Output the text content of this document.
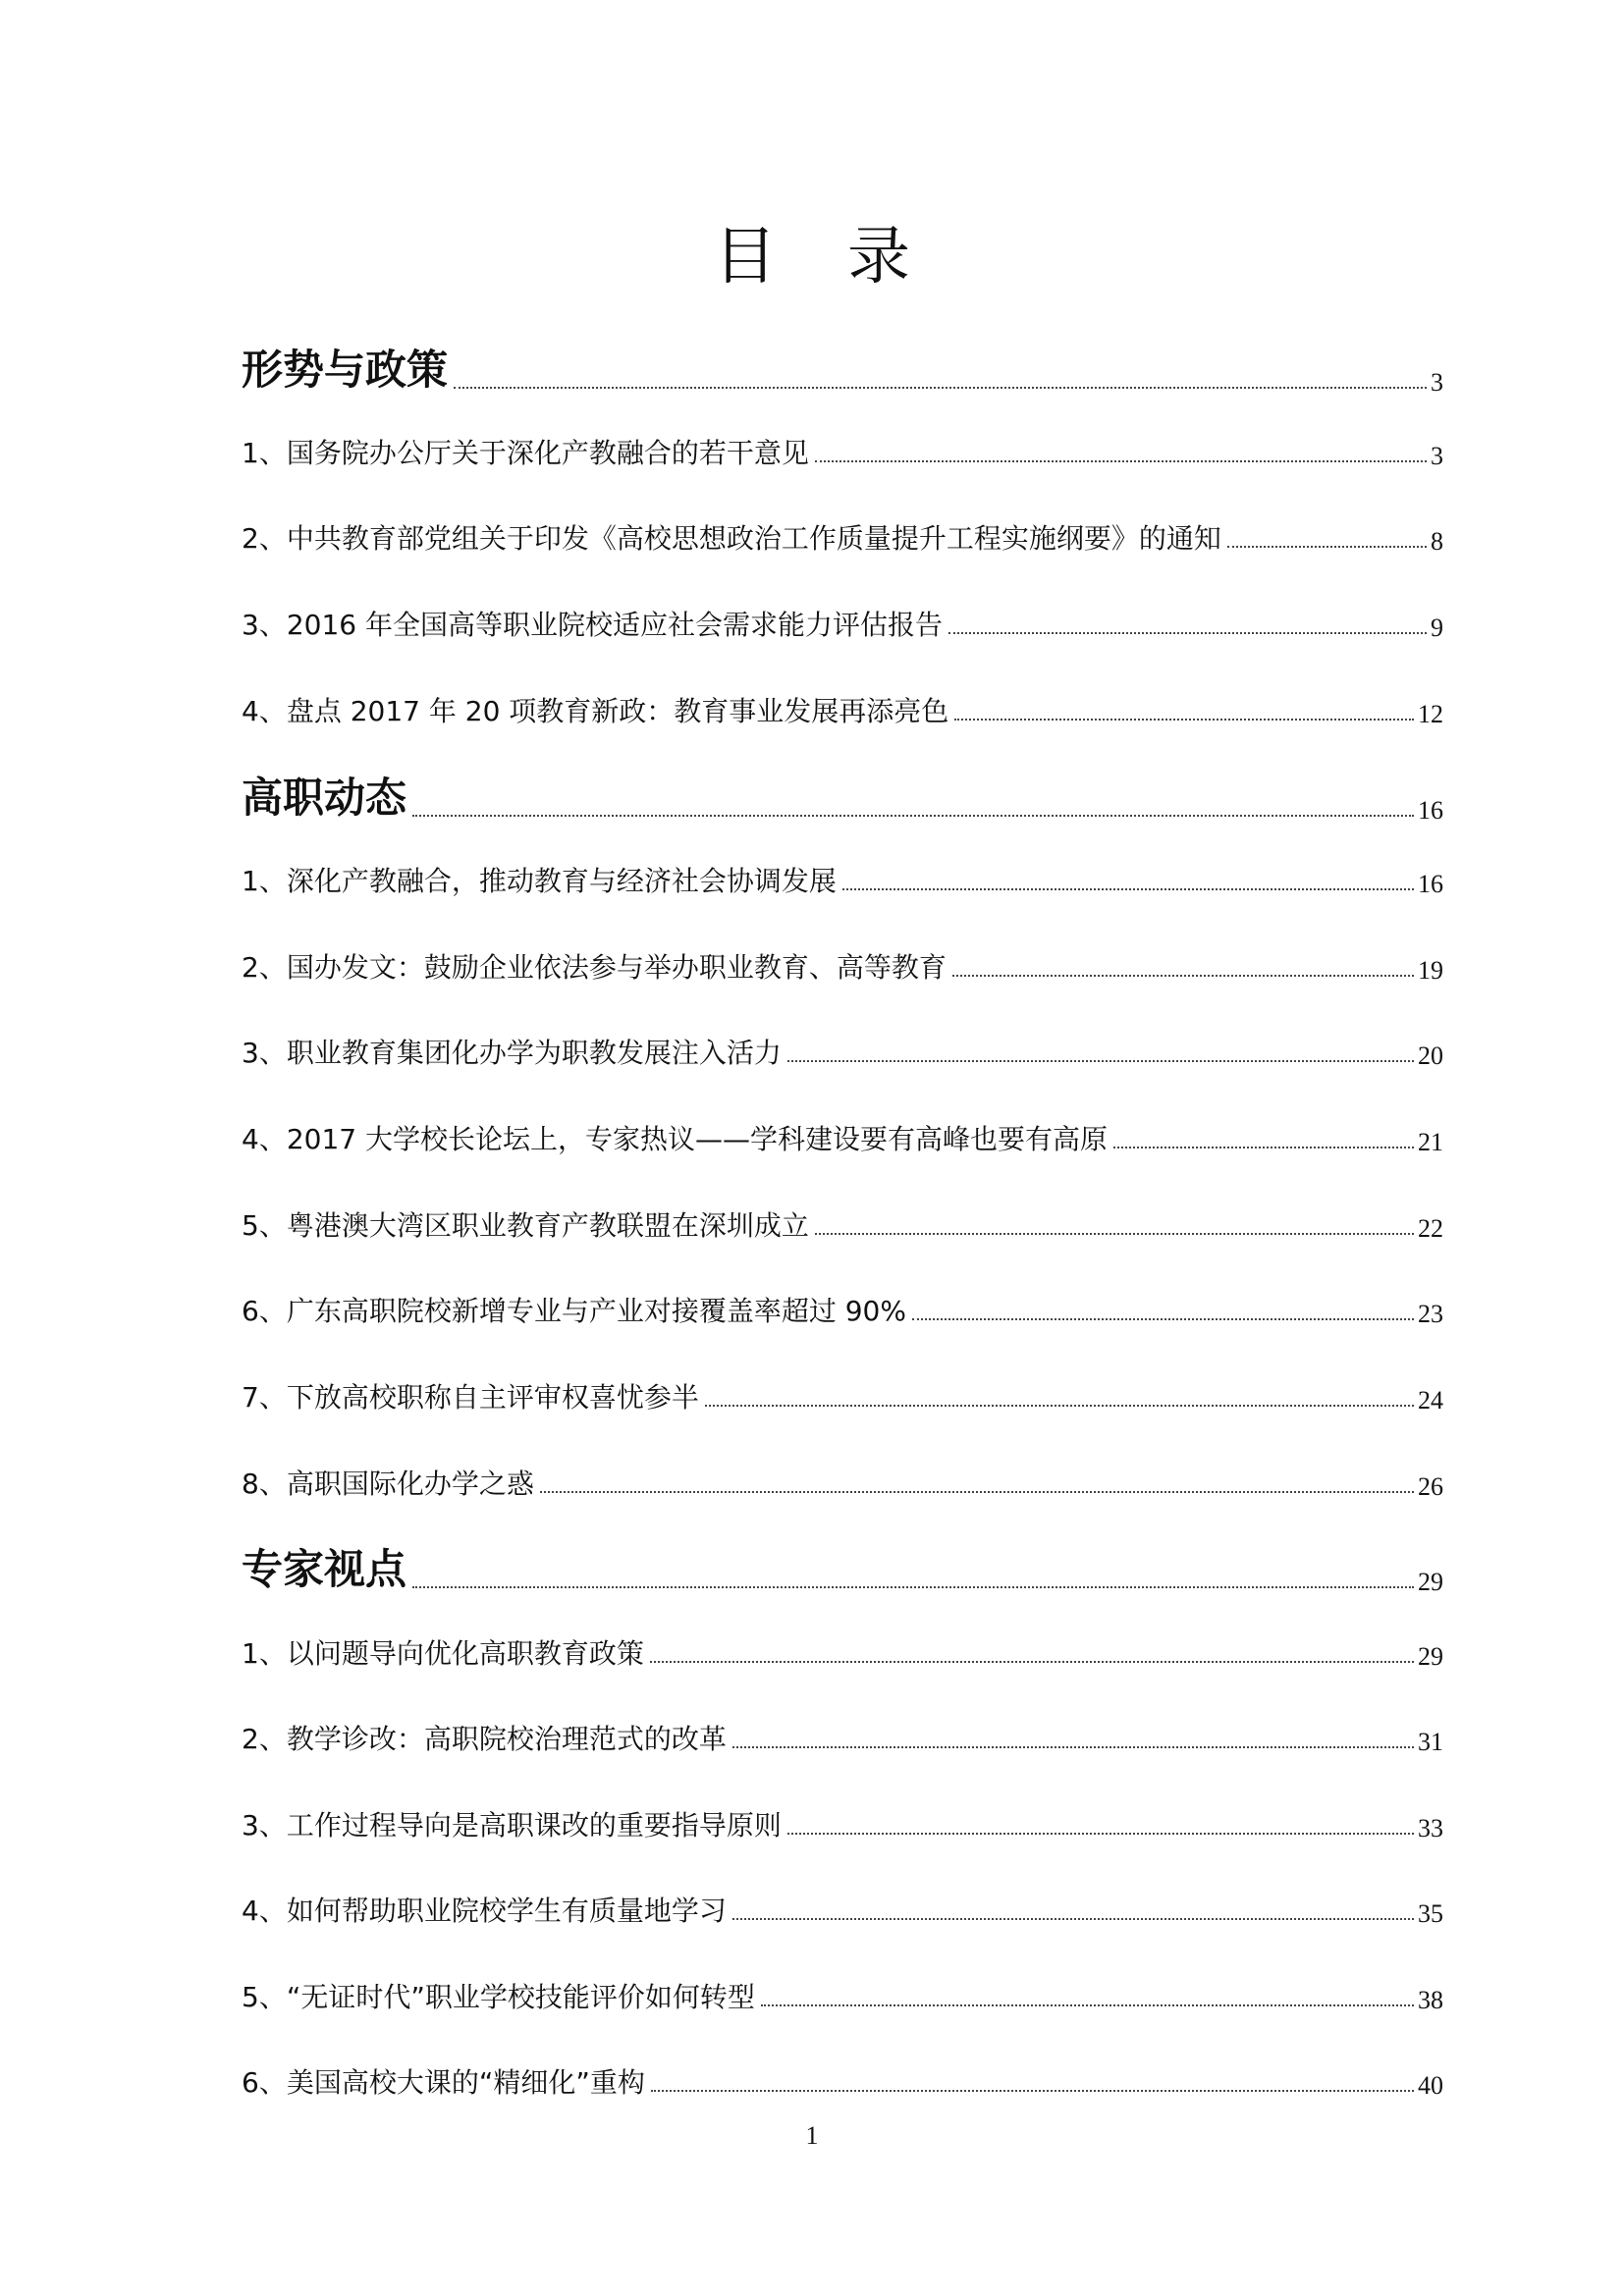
目 录
形势与政策	3
1、国务院办公厅关于深化产教融合的若干意见	3
2、中共教育部党组关于印发《高校思想政治工作质量提升工程实施纲要》的通知	8
3、2016 年全国高等职业院校适应社会需求能力评估报告	9
4、盘点 2017 年 20 项教育新政：教育事业发展再添亮色	12
高职动态	16
1、深化产教融合，推动教育与经济社会协调发展	16
2、国办发文：鼓励企业依法参与举办职业教育、高等教育	19
3、职业教育集团化办学为职教发展注入活力	20
4、2017 大学校长论坛上，专家热议——学科建设要有高峰也要有高原	21
5、粤港澳大湾区职业教育产教联盟在深圳成立	22
6、广东高职院校新增专业与产业对接覆盖率超过 90%	23
7、下放高校职称自主评审权喜忧参半	24
8、高职国际化办学之惑	26
专家视点	29
1、以问题导向优化高职教育政策	29
2、教学诊改：高职院校治理范式的改革	31
3、工作过程导向是高职课改的重要指导原则	33
4、如何帮助职业院校学生有质量地学习	35
5、“无证时代”职业学校技能评价如何转型	38
6、美国高校大课的“精细化”重构	40
1
